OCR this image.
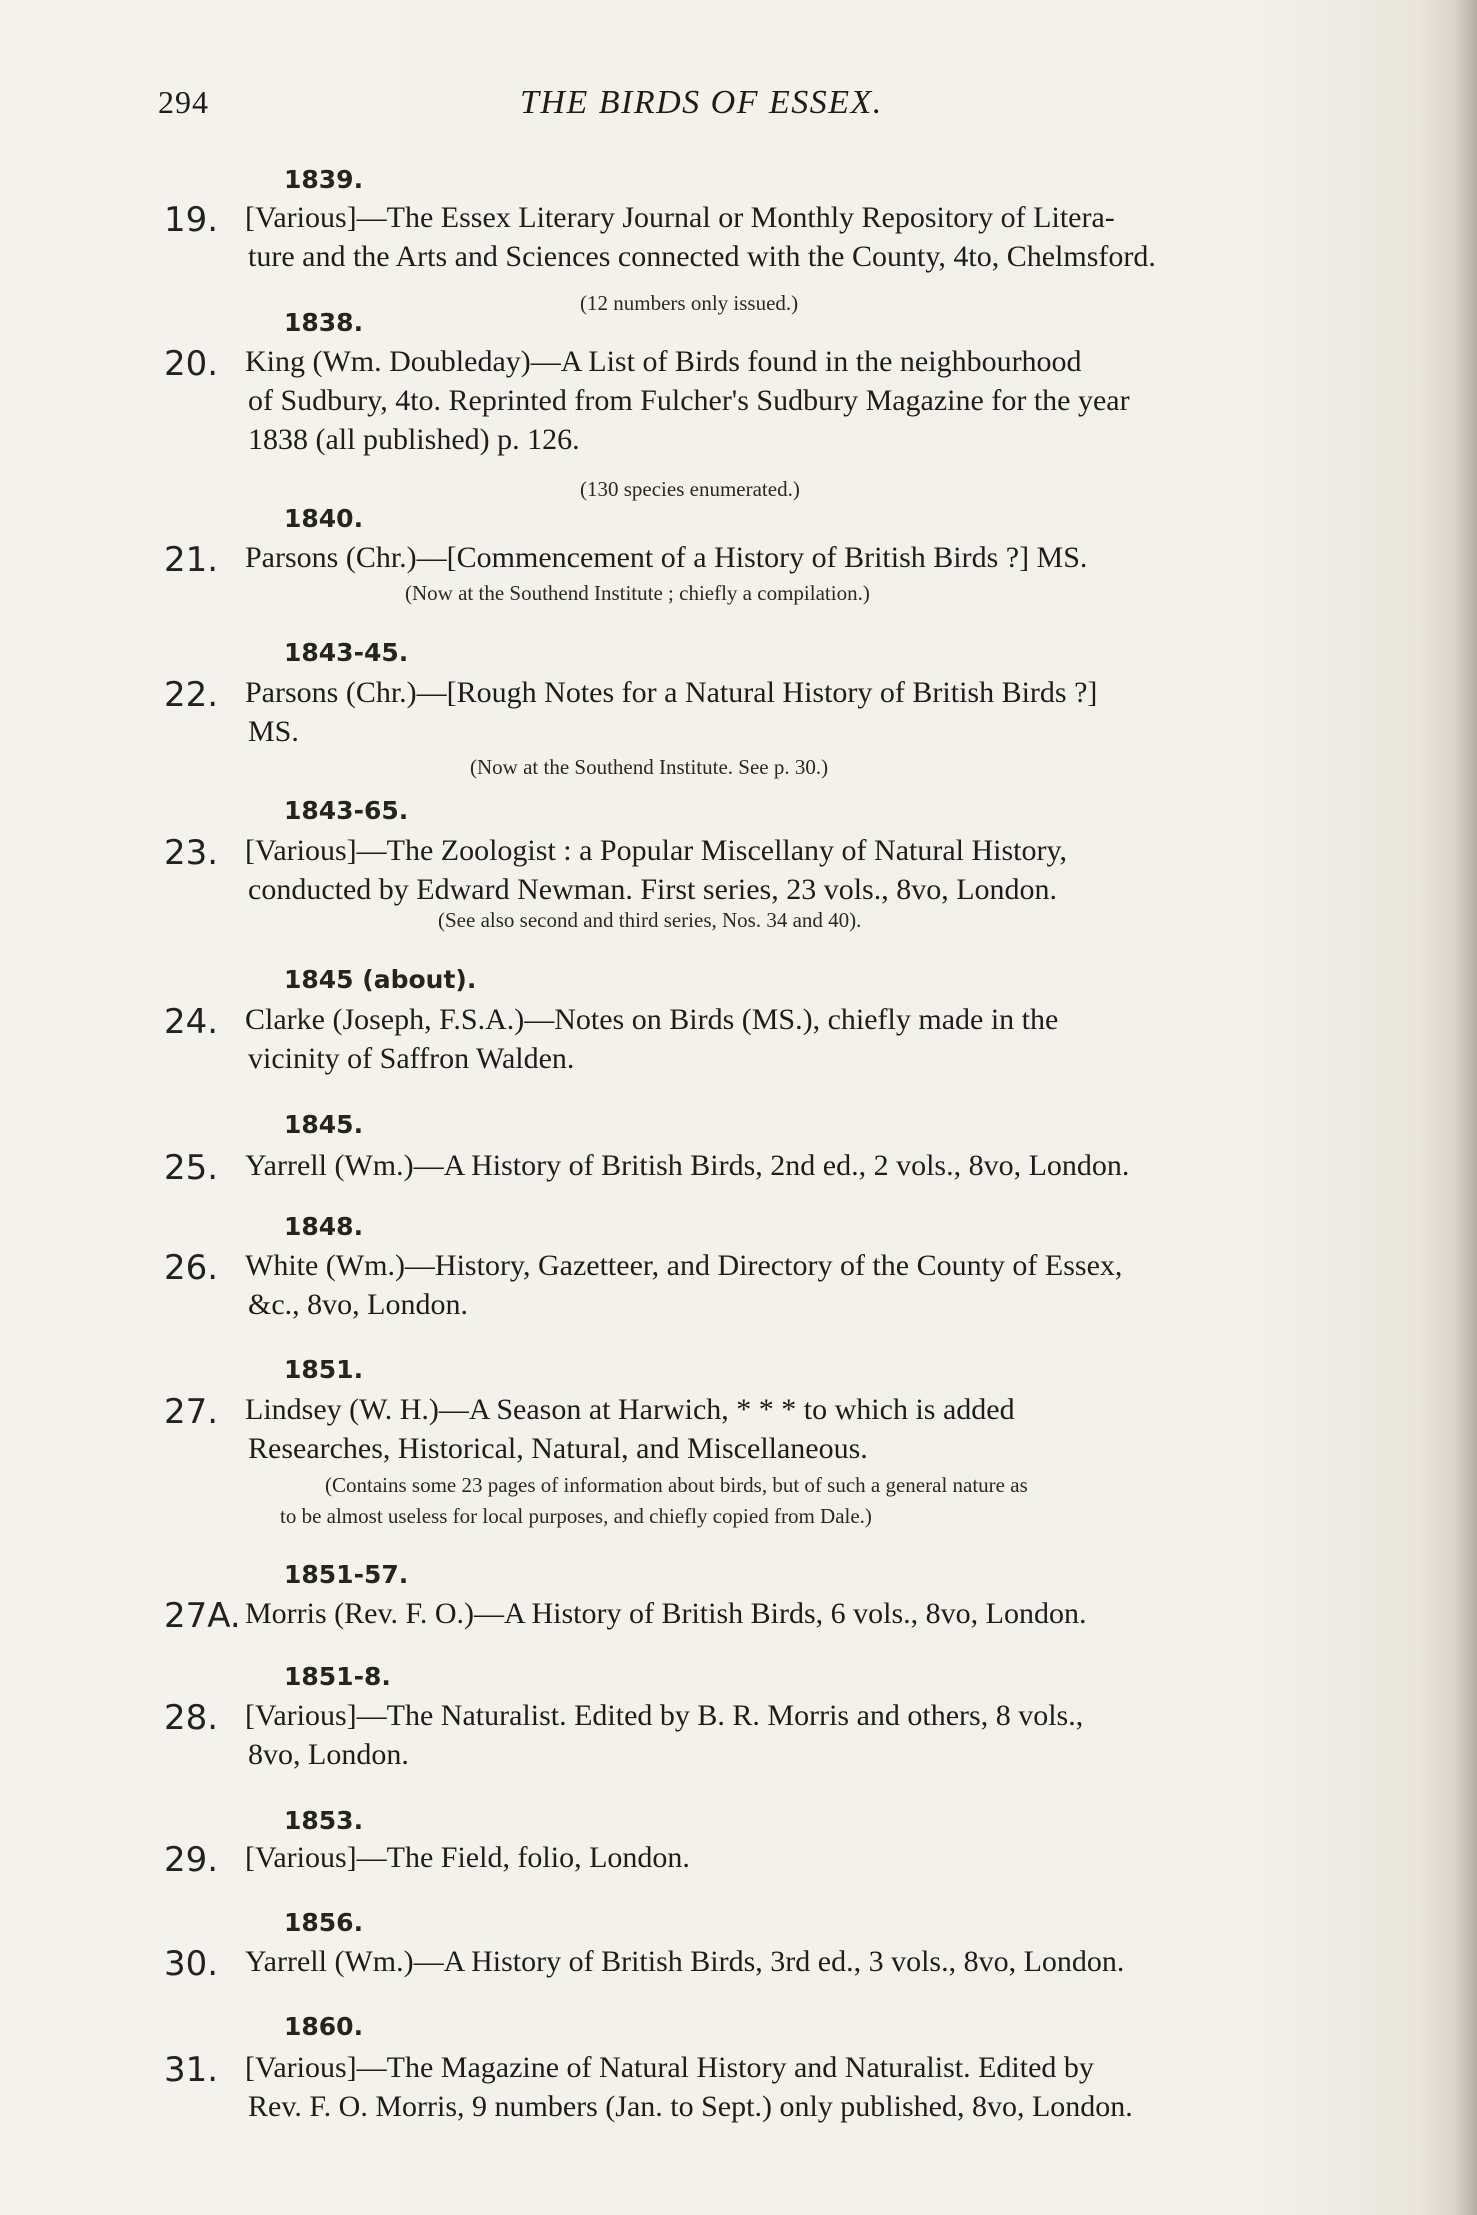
294	THE BIRDS OF ESSEX.
1839.
19. [Various]—The Essex Literary Journal or Monthly Repository of Litera-
ture and the Arts and Sciences connected with the County, 4to, Chelmsford.
(12 numbers only issued.)
1838.
20. King (Wm. Doubleday)—A List of Birds found in the neighbourhood
of Sudbury, 4to. Reprinted from Fulcher's Sudbury Magazine for the year
1838 (all published) p. 126.
(130 species enumerated.)
1840.
21. Parsons (Chr.)—[Commencement of a History of British Birds ?] MS.
(Now at the Southend Institute ; chiefly a compilation.)
1843-45.
22. Parsons (Chr.)—[Rough Notes for a Natural History of British Birds ?]
MS.
(Now at the Southend Institute. See p. 30.)
1843-65.
23. [Various]—The Zoologist : a Popular Miscellany of Natural History,
conducted by Edward Newman. First series, 23 vols., 8vo, London.
(See also second and third series, Nos. 34 and 40).
1845 (about).
24. Clarke (Joseph, F.S.A.)—Notes on Birds (MS.), chiefly made in the
vicinity of Saffron Walden.
1845.
25. Yarrell (Wm.)—A History of British Birds, 2nd ed., 2 vols., 8vo, London.
1848.
26. White (Wm.)—History, Gazetteer, and Directory of the County of Essex,
&c., 8vo, London.
1851.
27. Lindsey (W. H.)—A Season at Harwich, * * * to which is added
Researches, Historical, Natural, and Miscellaneous.
(Contains some 23 pages of information about birds, but of such a general nature as
to be almost useless for local purposes, and chiefly copied from Dale.)
1851-57.
27A. Morris (Rev. F. O.)—A History of British Birds, 6 vols., 8vo, London.
1851-8.
28. [Various]—The Naturalist. Edited by B. R. Morris and others, 8 vols.,
8vo, London.
1853.
29. [Various]—The Field, folio, London.
1856.
30. Yarrell (Wm.)—A History of British Birds, 3rd ed., 3 vols., 8vo, London.
1860.
31. [Various]—The Magazine of Natural History and Naturalist. Edited by
Rev. F. O. Morris, 9 numbers (Jan. to Sept.) only published, 8vo, London.
